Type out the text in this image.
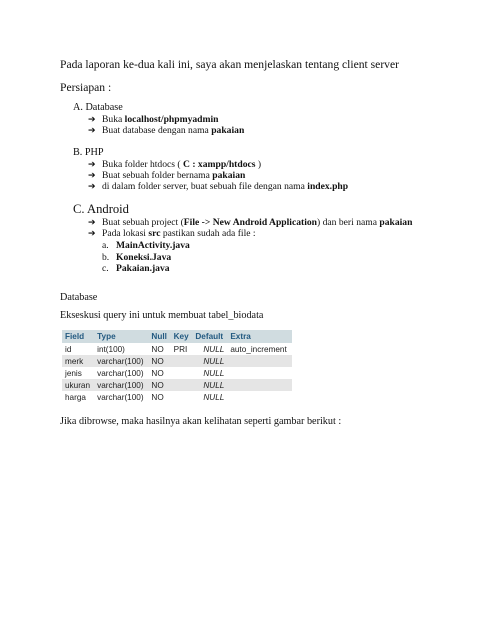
Pada laporan ke-dua kali ini, saya akan menjelaskan tentang client server
Persiapan :
A. Database
➔ Buka localhost/phpmyadmin
➔ Buat database dengan nama pakaian
B. PHP
➔ Buka folder htdocs ( C : xampp/htdocs )
➔ Buat sebuah folder bernama pakaian
➔ di dalam folder server, buat sebuah file dengan nama index.php
C. Android
➔ Buat sebuah project (File -> New Android Application) dan beri nama pakaian
➔ Pada lokasi src pastikan sudah ada file :
a. MainActivity.java
b. Koneksi.Java
c. Pakaian.java
Database
Ekseskusi query ini untuk membuat tabel_biodata
Field	Type	Null	Key	Default	Extra
id	int(100)	NO	PRI	NULL	auto_increment
merk	varchar(100)	NO		NULL	
jenis	varchar(100)	NO		NULL	
ukuran	varchar(100)	NO		NULL	
harga	varchar(100)	NO		NULL	
Jika dibrowse, maka hasilnya akan kelihatan seperti gambar berikut :
